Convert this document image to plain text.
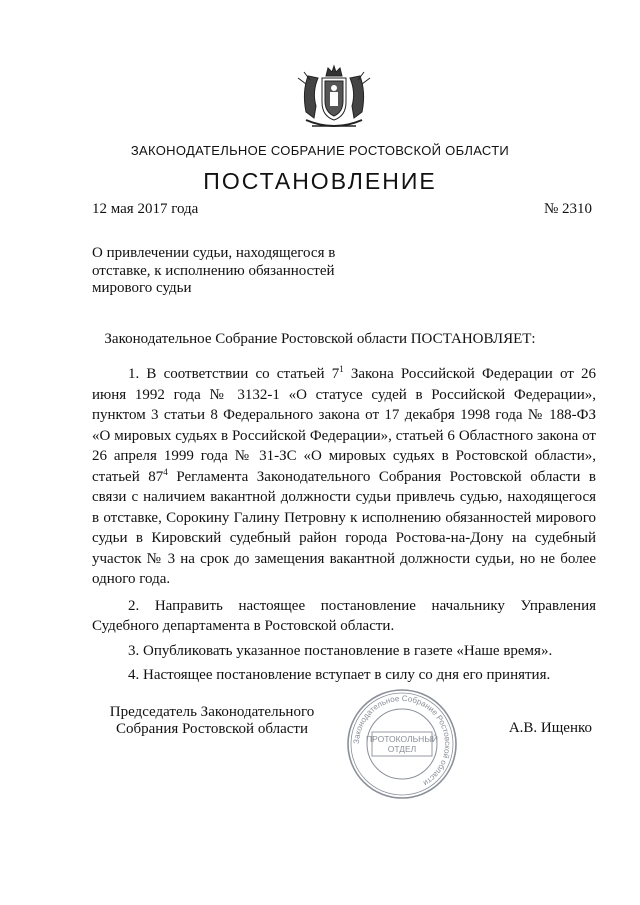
ЗАКОНОДАТЕЛЬНОЕ СОБРАНИЕ РОСТОВСКОЙ ОБЛАСТИ
ПОСТАНОВЛЕНИЕ
12 мая 2017 года	№ 2310
О привлечении судьи, находящегося в
отставке, к исполнению обязанностей
мирового судьи
Законодательное Собрание Ростовской области ПОСТАНОВЛЯЕТ:

1. В соответствии со статьей $7^1$ Закона Российской Федерации от 26 июня 1992 года № 3132-1 «О статусе судей в Российской Федерации», пунктом 3 статьи 8 Федерального закона от 17 декабря 1998 года № 188-ФЗ «О мировых судьях в Российской Федерации», статьей 6 Областного закона от 26 апреля 1999 года № 31-ЗС «О мировых судьях в Ростовской области», статьей $87^4$ Регламента Законодательного Собрания Ростовской области в связи с наличием вакантной должности судьи привлечь судью, находящегося в отставке, Сорокину Галину Петровну к исполнению обязанностей мирового судьи в Кировский судебный район города Ростова-на-Дону на судебный участок № 3 на срок до замещения вакантной должности судьи, но не более одного года.

2. Направить настоящее постановление начальнику Управления Судебного департамента в Ростовской области.

3. Опубликовать указанное постановление в газете «Наше время».

4. Настоящее постановление вступает в силу со дня его принятия.

Председатель Законодательного
Собрания Ростовской области
Законодательное Собрание Ростовской области
ПРОТОКОЛЬНЫЙ
ОТДЕЛ
А.В. Ищенко
